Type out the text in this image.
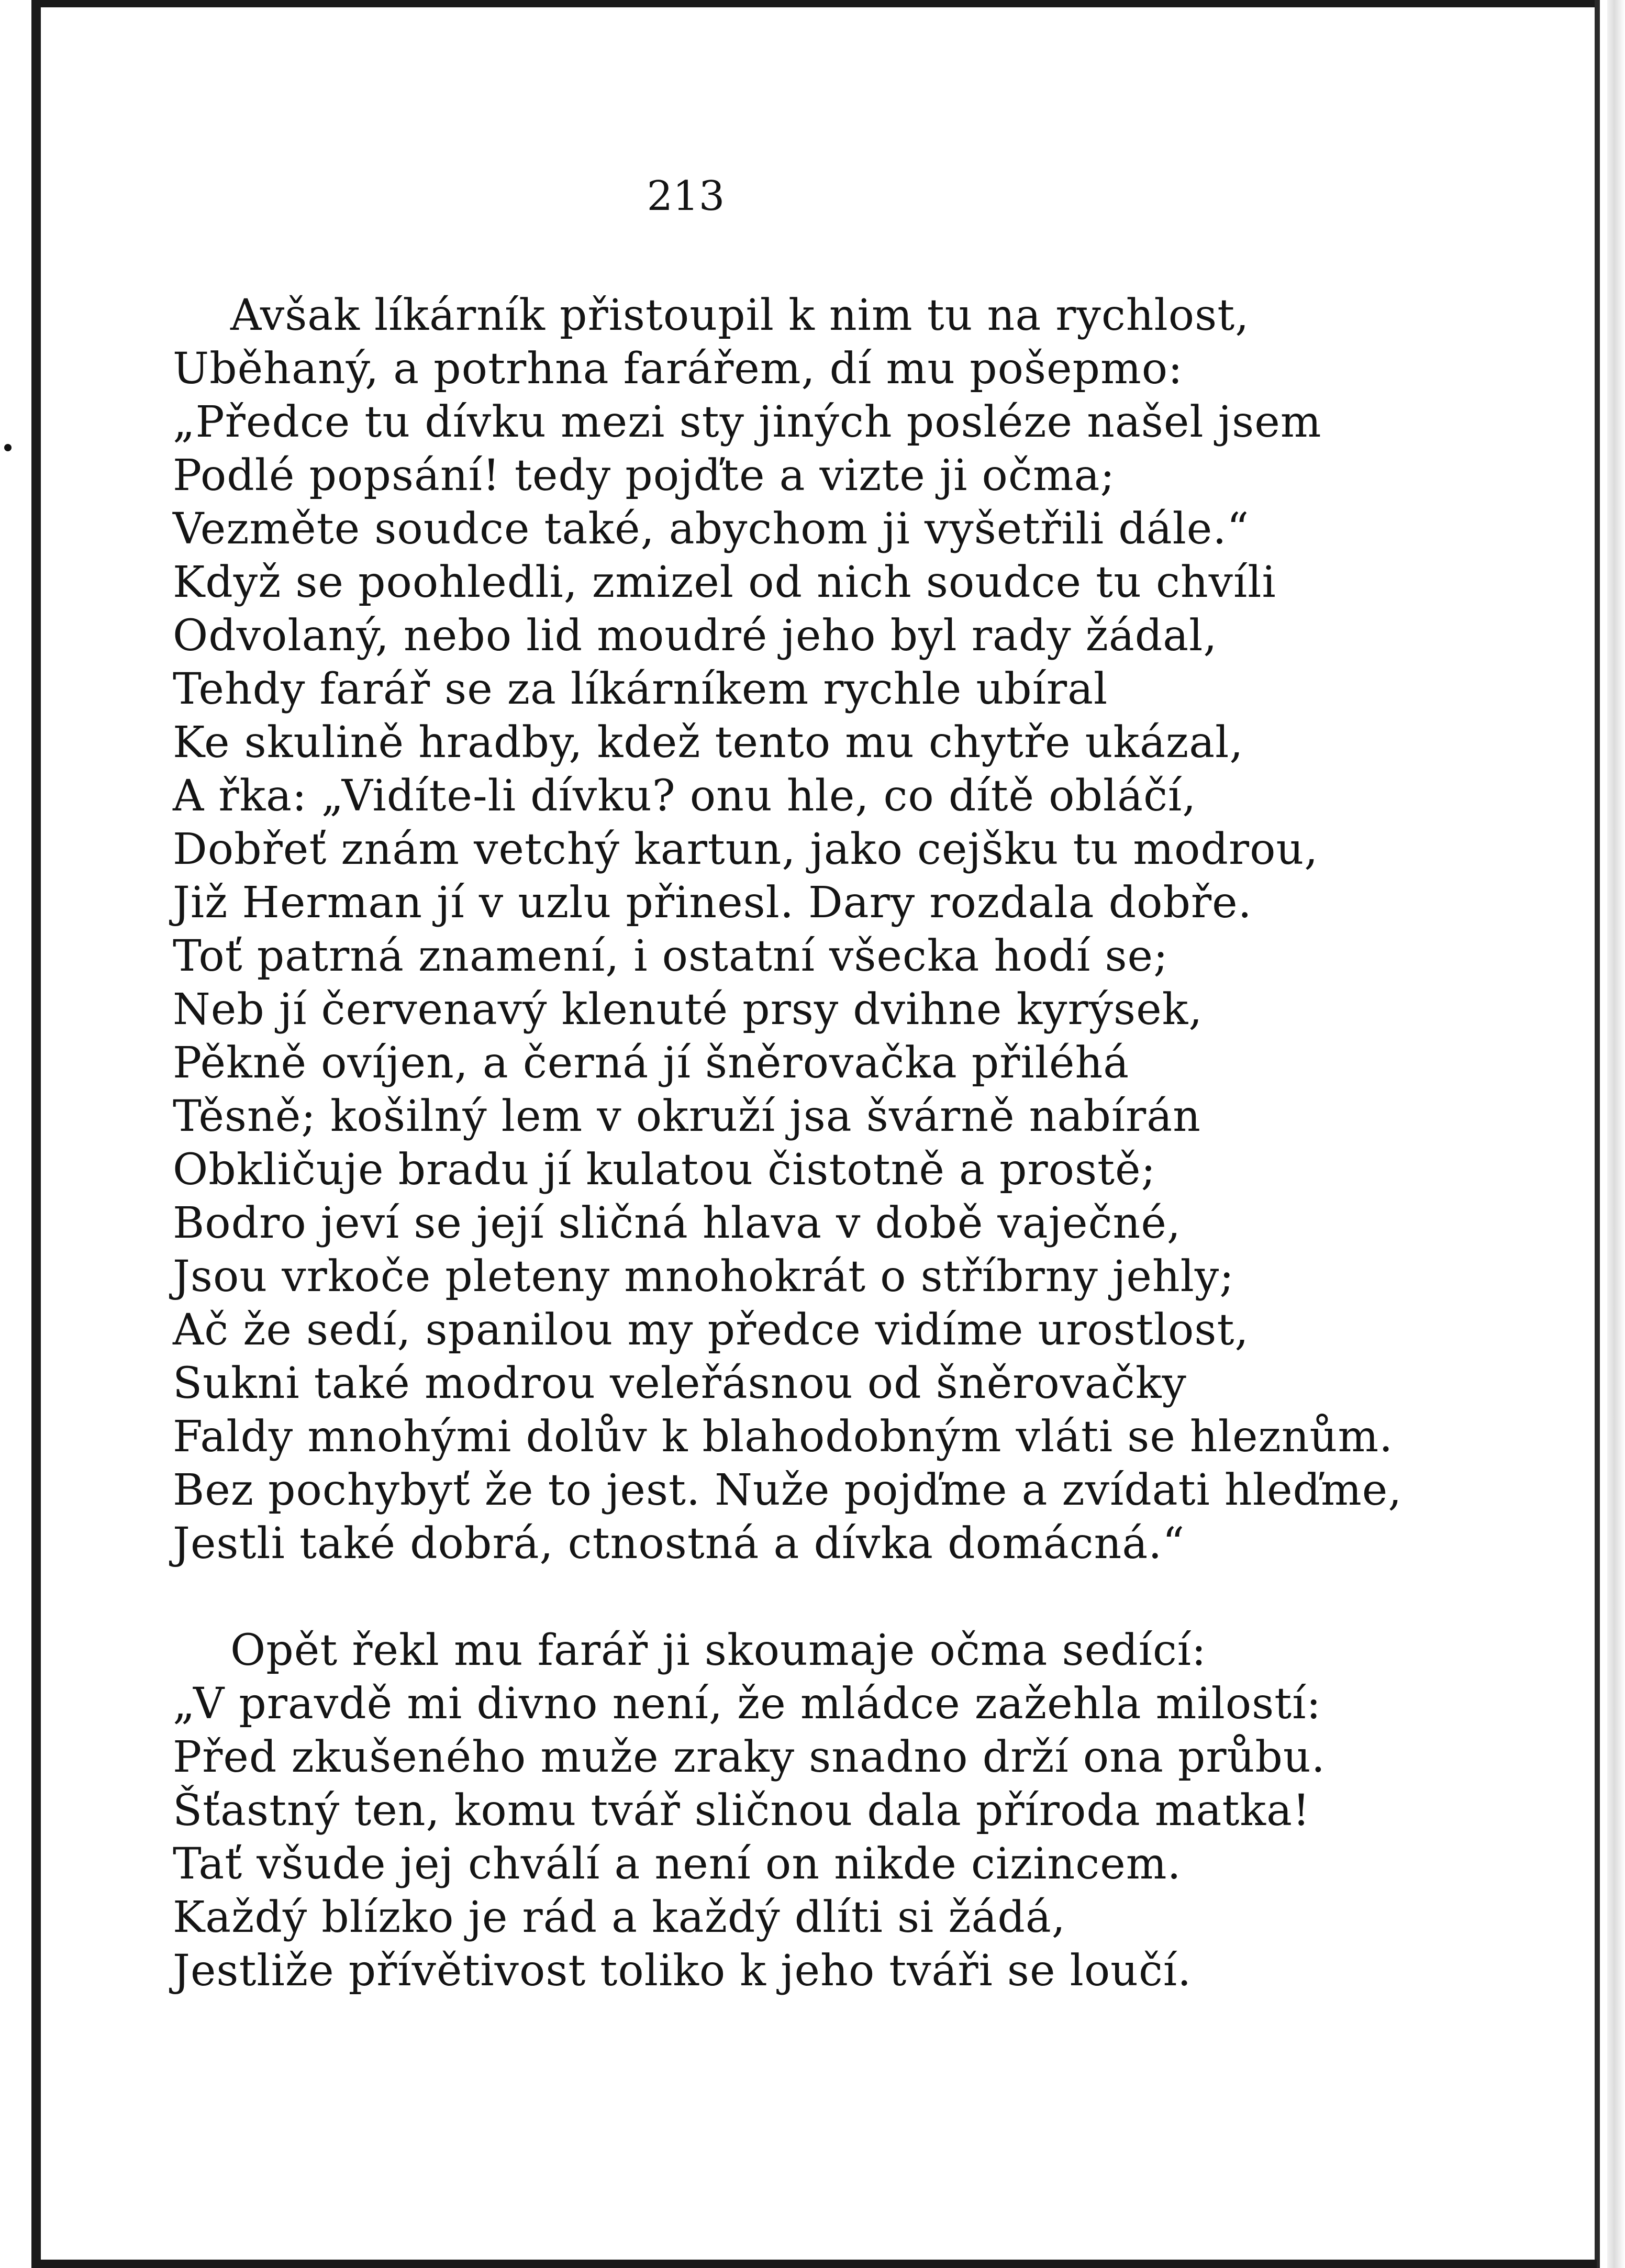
213
Avšak líkárník přistoupil k nim tu na rychlost,
Uběhaný, a potrhna farářem, dí mu pošepmo:
„Předce tu dívku mezi sty jiných posléze našel jsem
Podlé popsání! tedy pojďte a vizte ji očma;
Vezměte soudce také, abychom ji vyšetřili dále.“
Když se poohledli, zmizel od nich soudce tu chvíli
Odvolaný, nebo lid moudré jeho byl rady žádal,
Tehdy farář se za líkárníkem rychle ubíral
Ke skulině hradby, kdež tento mu chytře ukázal,
A řka: „Vidíte-li dívku? onu hle, co dítě obláčí,
Dobřeť znám vetchý kartun, jako cejšku tu modrou,
Již Herman jí v uzlu přinesl. Dary rozdala dobře.
Toť patrná znamení, i ostatní všecka hodí se;
Neb jí červenavý klenuté prsy dvihne kyrýsek,
Pěkně ovíjen, a černá jí šněrovačka přiléhá
Těsně; košilný lem v okruží jsa švárně nabírán
Obkličuje bradu jí kulatou čistotně a prostě;
Bodro jeví se její sličná hlava v době vaječné,
Jsou vrkoče pleteny mnohokrát o stříbrny jehly;
Ač že sedí, spanilou my předce vidíme urostlost,
Sukni také modrou veleřásnou od šněrovačky
Faldy mnohými dolův k blahodobným vláti se hleznům.
Bez pochybyť že to jest. Nuže pojďme a zvídati hleďme,
Jestli také dobrá, ctnostná a dívka domácná.“
Opět řekl mu farář ji skoumaje očma sedící:
„V pravdě mi divno není, že mládce zažehla milostí:
Před zkušeného muže zraky snadno drží ona průbu.
Šťastný ten, komu tvář sličnou dala příroda matka!
Tať všude jej chválí a není on nikde cizincem.
Každý blízko je rád a každý dlíti si žádá,
Jestliže přívětivost toliko k jeho tváři se loučí.
